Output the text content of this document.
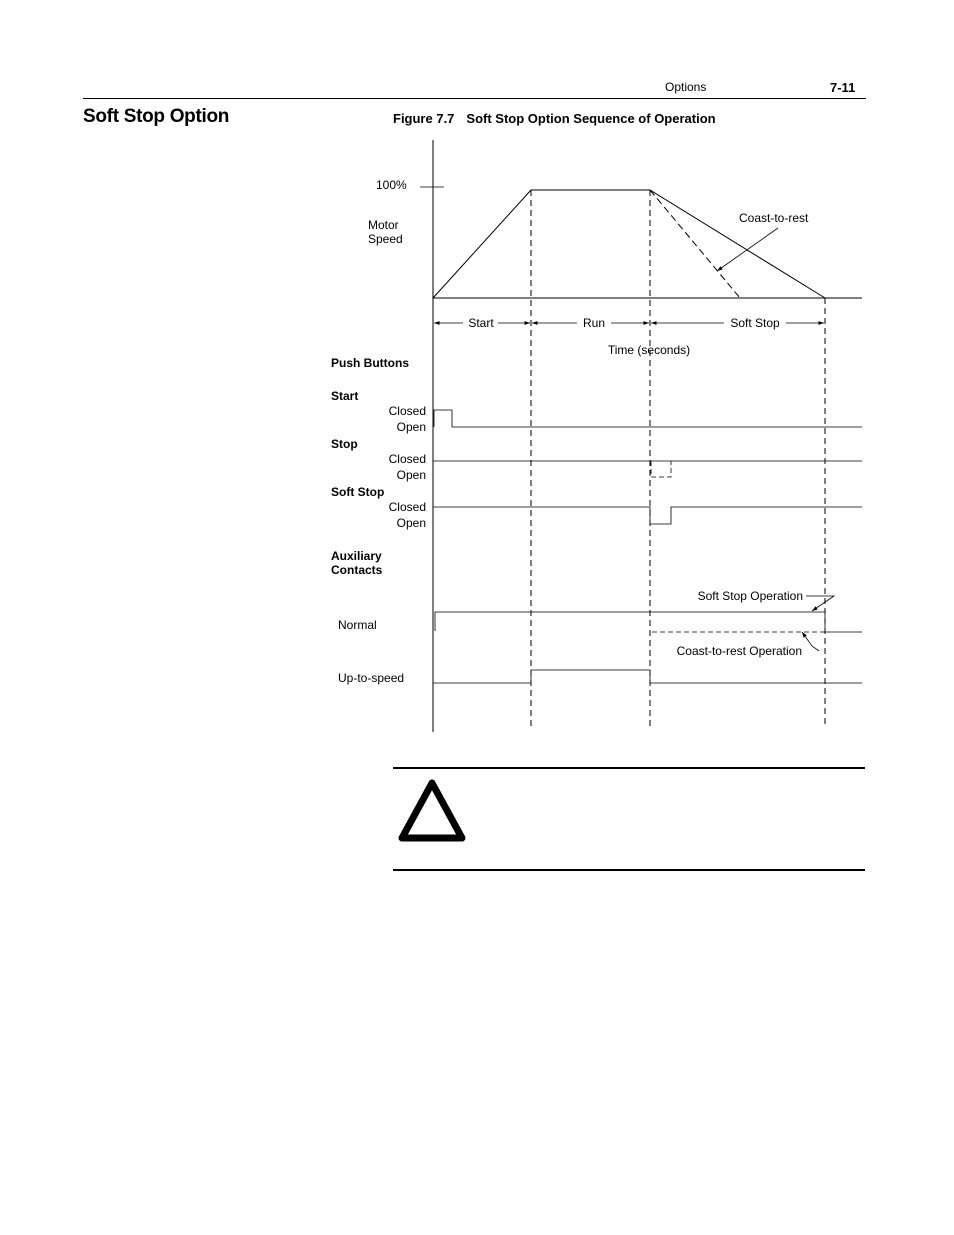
Options	7-11
Soft Stop Option	Figure 7.7 Soft Stop Option Sequence of Operation
100%
Motor
Speed
Coast-to-rest
Start	Run	Soft Stop
Time (seconds)
Push Buttons
Start
Closed
Open
Stop
Closed
Open
Soft Stop
Closed
Open
Auxiliary
Contacts
Soft Stop Operation
Normal
Coast-to-rest Operation
Up-to-speed
